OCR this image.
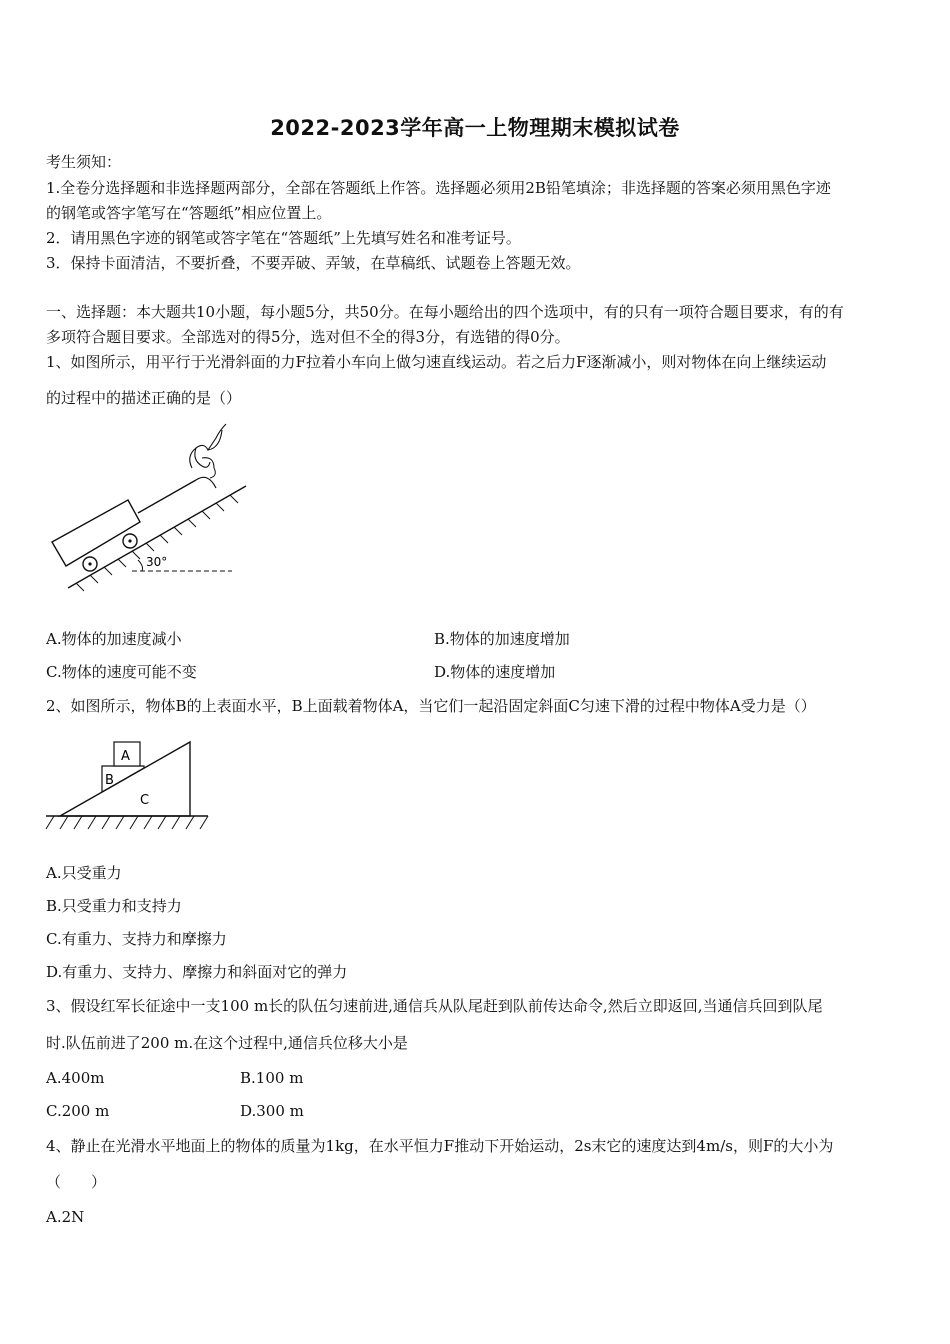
2022-2023学年高一上物理期末模拟试卷
考生须知：
1.全卷分选择题和非选择题两部分，全部在答题纸上作答。选择题必须用2B铅笔填涂；非选择题的答案必须用黑色字迹
的钢笔或答字笔写在“答题纸”相应位置上。
2．请用黑色字迹的钢笔或答字笔在“答题纸”上先填写姓名和准考证号。
3．保持卡面清洁，不要折叠，不要弄破、弄皱，在草稿纸、试题卷上答题无效。
一、选择题：本大题共10小题，每小题5分，共50分。在每小题给出的四个选项中，有的只有一项符合题目要求，有的有
多项符合题目要求。全部选对的得5分，选对但不全的得3分，有选错的得0分。
1、如图所示，用平行于光滑斜面的力F拉着小车向上做匀速直线运动。若之后力F逐渐减小，则对物体在向上继续运动
的过程中的描述正确的是（）
30°
A.物体的加速度减小	B.物体的加速度增加
C.物体的速度可能不变	D.物体的速度增加
2、如图所示，物体B的上表面水平，B上面载着物体A，当它们一起沿固定斜面C匀速下滑的过程中物体A受力是（）
A
B
C
A.只受重力
B.只受重力和支持力
C.有重力、支持力和摩擦力
D.有重力、支持力、摩擦力和斜面对它的弹力
3、假设红军长征途中一支100 m长的队伍匀速前进,通信兵从队尾赶到队前传达命令,然后立即返回,当通信兵回到队尾
时.队伍前进了200 m.在这个过程中,通信兵位移大小是
A.400m	B.100 m
C.200 m	D.300 m
4、静止在光滑水平地面上的物体的质量为1kg，在水平恒力F推动下开始运动，2s末它的速度达到4m/s，则F的大小为
（　　）
A.2N
